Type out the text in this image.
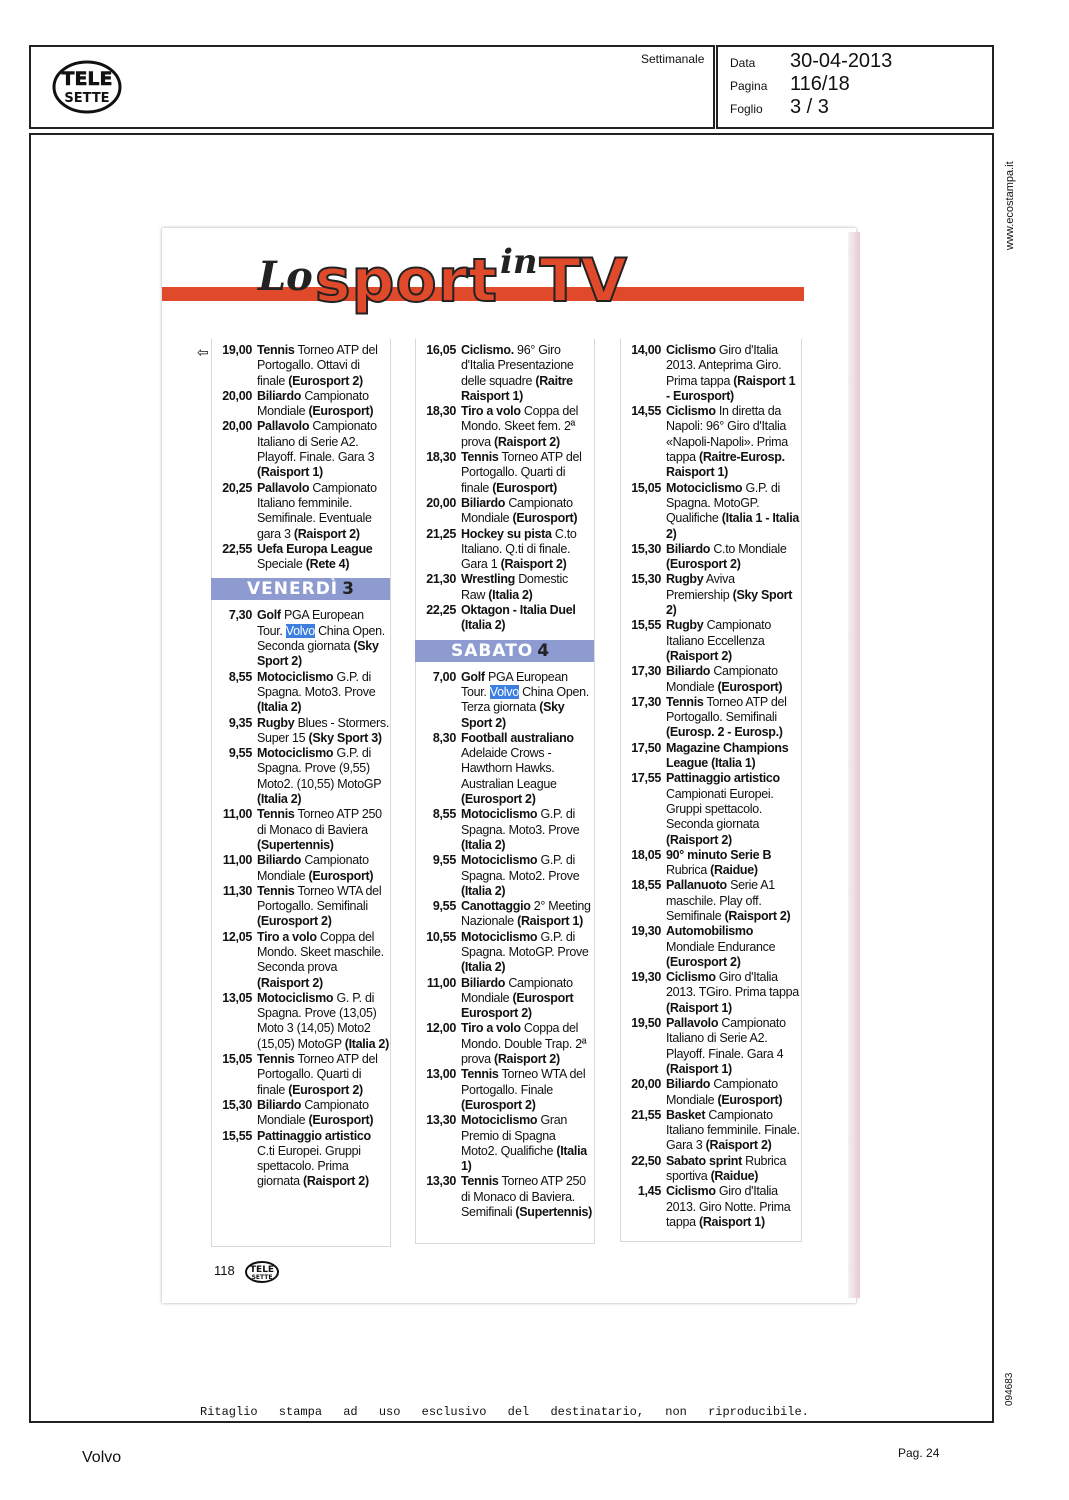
TELE
SETTE
Settimanale Data	30-04-2013
Pagina	116/18
Foglio	3 / 3
www.ecostampa.it
094683
Lo sport in TV
⇦	19,00 Tennis Torneo ATP del Portogallo. Ottavi di finale (Eurosport 2)
20,00 Biliardo Campionato Mondiale (Eurosport)
20,00 Pallavolo Campionato Italiano di Serie A2. Playoff. Finale. Gara 3 (Raisport 1)
20,25 Pallavolo Campionato Italiano femminile. Semifinale. Eventuale gara 3 (Raisport 2)
22,55 Uefa Europa League Speciale (Rete 4)
VENERDÌ 3
7,30 Golf PGA European Tour. Volvo China Open. Seconda giornata (Sky Sport 2)
8,55 Motociclismo G.P. di Spagna. Moto3. Prove (Italia 2)
9,35 Rugby Blues - Stormers. Super 15 (Sky Sport 3)
9,55 Motociclismo G.P. di Spagna. Prove (9,55) Moto2. (10,55) MotoGP (Italia 2)
11,00 Tennis Torneo ATP 250 di Monaco di Baviera (Supertennis)
11,00 Biliardo Campionato Mondiale (Eurosport)
11,30 Tennis Torneo WTA del Portogallo. Semifinali (Eurosport 2)
12,05 Tiro a volo Coppa del Mondo. Skeet maschile. Seconda prova (Raisport 2)
13,05 Motociclismo G. P. di Spagna. Prove (13,05) Moto 3 (14,05) Moto2 (15,05) MotoGP (Italia 2)
15,05 Tennis Torneo ATP del Portogallo. Quarti di finale (Eurosport 2)
15,30 Biliardo Campionato Mondiale (Eurosport)
15,55 Pattinaggio artistico C.ti Europei. Gruppi spettacolo. Prima giornata (Raisport 2)
16,05 Ciclismo. 96° Giro d'Italia Presentazione delle squadre (Raitre Raisport 1)
18,30 Tiro a volo Coppa del Mondo. Skeet fem. 2ª prova (Raisport 2)
18,30 Tennis Torneo ATP del Portogallo. Quarti di finale (Eurosport)
20,00 Biliardo Campionato Mondiale (Eurosport)
21,25 Hockey su pista C.to Italiano. Q.ti di finale. Gara 1 (Raisport 2)
21,30 Wrestling Domestic Raw (Italia 2)
22,25 Oktagon - Italia Duel (Italia 2)
SABATO 4
7,00 Golf PGA European Tour. Volvo China Open. Terza giornata (Sky Sport 2)
8,30 Football australiano Adelaide Crows - Hawthorn Hawks. Australian League (Eurosport 2)
8,55 Motociclismo G.P. di Spagna. Moto3. Prove (Italia 2)
9,55 Motociclismo G.P. di Spagna. Moto2. Prove (Italia 2)
9,55 Canottaggio 2° Meeting Nazionale (Raisport 1)
10,55 Motociclismo G.P. di Spagna. MotoGP. Prove (Italia 2)
11,00 Biliardo Campionato Mondiale (Eurosport Eurosport 2)
12,00 Tiro a volo Coppa del Mondo. Double Trap. 2ª prova (Raisport 2)
13,00 Tennis Torneo WTA del Portogallo. Finale (Eurosport 2)
13,30 Motociclismo Gran Premio di Spagna Moto2. Qualifiche (Italia 1)
13,30 Tennis Torneo ATP 250 di Monaco di Baviera. Semifinali (Supertennis)
14,00 Ciclismo Giro d'Italia 2013. Anteprima Giro. Prima tappa (Raisport 1 - Eurosport)
14,55 Ciclismo In diretta da Napoli: 96° Giro d'Italia «Napoli-Napoli». Prima tappa (Raitre-Eurosp. Raisport 1)
15,05 Motociclismo G.P. di Spagna. MotoGP. Qualifiche (Italia 1 - Italia 2)
15,30 Biliardo C.to Mondiale (Eurosport 2)
15,30 Rugby Aviva Premiership (Sky Sport 2)
15,55 Rugby Campionato Italiano Eccellenza (Raisport 2)
17,30 Biliardo Campionato Mondiale (Eurosport)
17,30 Tennis Torneo ATP del Portogallo. Semifinali (Eurosp. 2 - Eurosp.)
17,50 Magazine Champions League (Italia 1)
17,55 Pattinaggio artistico Campionati Europei. Gruppi spettacolo. Seconda giornata (Raisport 2)
18,05 90° minuto Serie B Rubrica (Raidue)
18,55 Pallanuoto Serie A1 maschile. Play off. Semifinale (Raisport 2)
19,30 Automobilismo Mondiale Endurance (Eurosport 2)
19,30 Ciclismo Giro d'Italia 2013. TGiro. Prima tappa (Raisport 1)
19,50 Pallavolo Campionato Italiano di Serie A2. Playoff. Finale. Gara 4 (Raisport 1)
20,00 Biliardo Campionato Mondiale (Eurosport)
21,55 Basket Campionato Italiano femminile. Finale. Gara 3 (Raisport 2)
22,50 Sabato sprint Rubrica sportiva (Raidue)
1,45 Ciclismo Giro d'Italia 2013. Giro Notte. Prima tappa (Raisport 1)
118 TELE
SETTE
Ritaglio stampa ad uso esclusivo del destinatario, non riproducibile.
Volvo	Pag. 24
